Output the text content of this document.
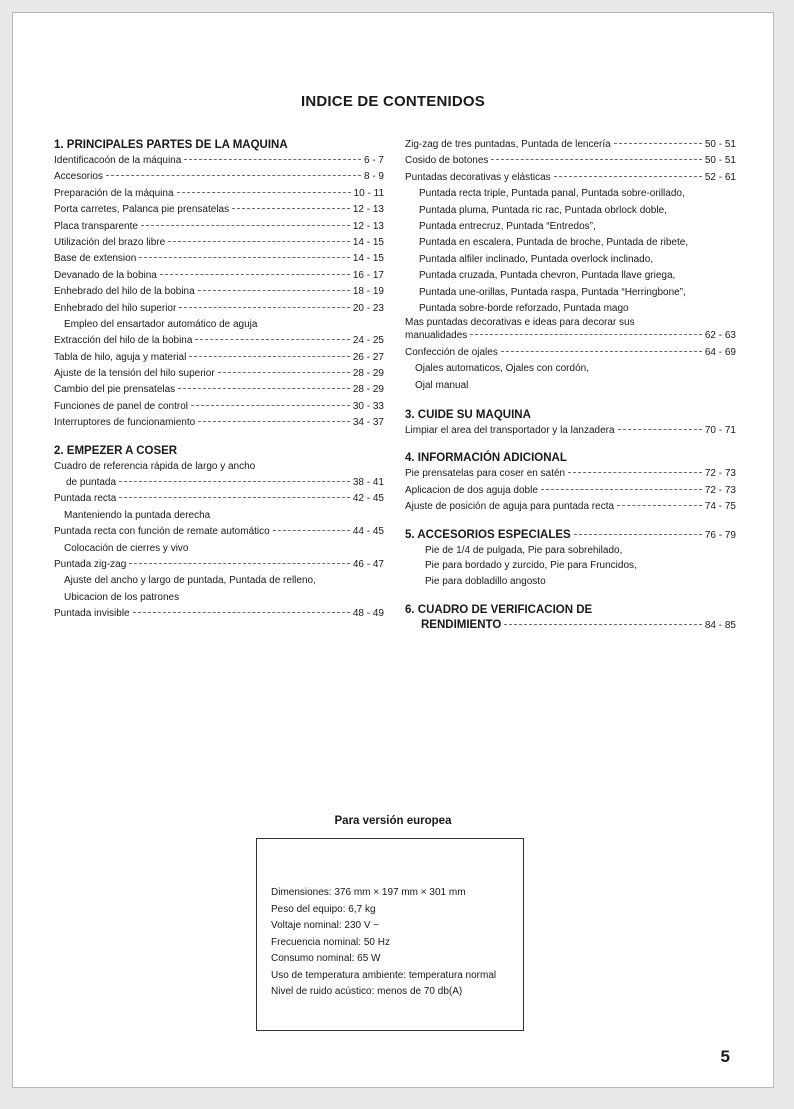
INDICE DE CONTENIDOS
1. PRINCIPALES PARTES DE LA MAQUINA
Identificacoón de la máquina	6 - 7
Accesorios	8 - 9
Preparación de la máquina	10 - 11
Porta carretes, Palanca pie prensatelas	12 - 13
Placa transparente	12 - 13
Utilización del brazo libre	14 - 15
Base de extension	14 - 15
Devanado de la bobina	16 - 17
Enhebrado del hilo de la bobina	18 - 19
Enhebrado del hilo superior	20 - 23
Empleo del ensartador automático de aguja
Extracción del hilo de la bobina	24 - 25
Tabla de hilo, aguja y material	26 - 27
Ajuste de la tensión del hilo superior	28 - 29
Cambio del pie prensatelas	28 - 29
Funciones de panel de control	30 - 33
Interruptores de funcionamiento	34 - 37
2. EMPEZER A COSER
Cuadro de referencia rápida de largo y ancho
de puntada	38 - 41
Puntada recta	42 - 45
Manteniendo la puntada derecha
Puntada recta con función de remate automático	44 - 45
Colocación de cierres y vivo
Puntada zig-zag	46 - 47
Ajuste del ancho y largo de puntada, Puntada de relleno,
Ubicacion de los patrones
Puntada invisible	48 - 49
Zig-zag de tres puntadas, Puntada de lencería	50 - 51
Cosido de botones	50 - 51
Puntadas decorativas y elásticas	52 - 61
Puntada recta triple, Puntada panal, Puntada sobre-orillado,
Puntada pluma, Puntada ric rac, Puntada obrlock doble,
Puntada entrecruz, Puntada “Entredos”,
Puntada en escalera, Puntada de broche, Puntada de ribete,
Puntada alfiler inclinado, Puntada overlock inclinado,
Puntada cruzada, Puntada chevron, Puntada llave griega,
Puntada une-orillas, Puntada raspa, Puntada “Herringbone”,
Puntada sobre-borde reforzado, Puntada mago
Mas puntadas decorativas e ideas para decorar sus
manualidades	62 - 63
Confección de ojales	64 - 69
Ojales automaticos, Ojales con cordón,
Ojal manual
3. CUIDE SU MAQUINA
Limpiar el area del transportador y la lanzadera	70 - 71
4. INFORMACIÓN ADICIONAL
Pie prensatelas para coser en satén	72 - 73
Aplicacion de dos aguja doble	72 - 73
Ajuste de posición de aguja para puntada recta	74 - 75
5. ACCESORIOS ESPECIALES	76 - 79
Pie de 1/4 de pulgada, Pie para sobrehilado,
Pie para bordado y zurcido, Pie para Fruncidos,
Pie para dobladillo angosto
6. CUADRO DE VERIFICACION DE
RENDIMIENTO	84 - 85
Para versión europea
Dimensiones: 376 mm × 197 mm × 301 mm
Peso del equipo: 6,7 kg
Voltaje nominal: 230 V ~
Frecuencia nominal: 50 Hz
Consumo nominal: 65 W
Uso de temperatura ambiente: temperatura normal
Nivel de ruido acústico: menos de 70 db(A)
5
